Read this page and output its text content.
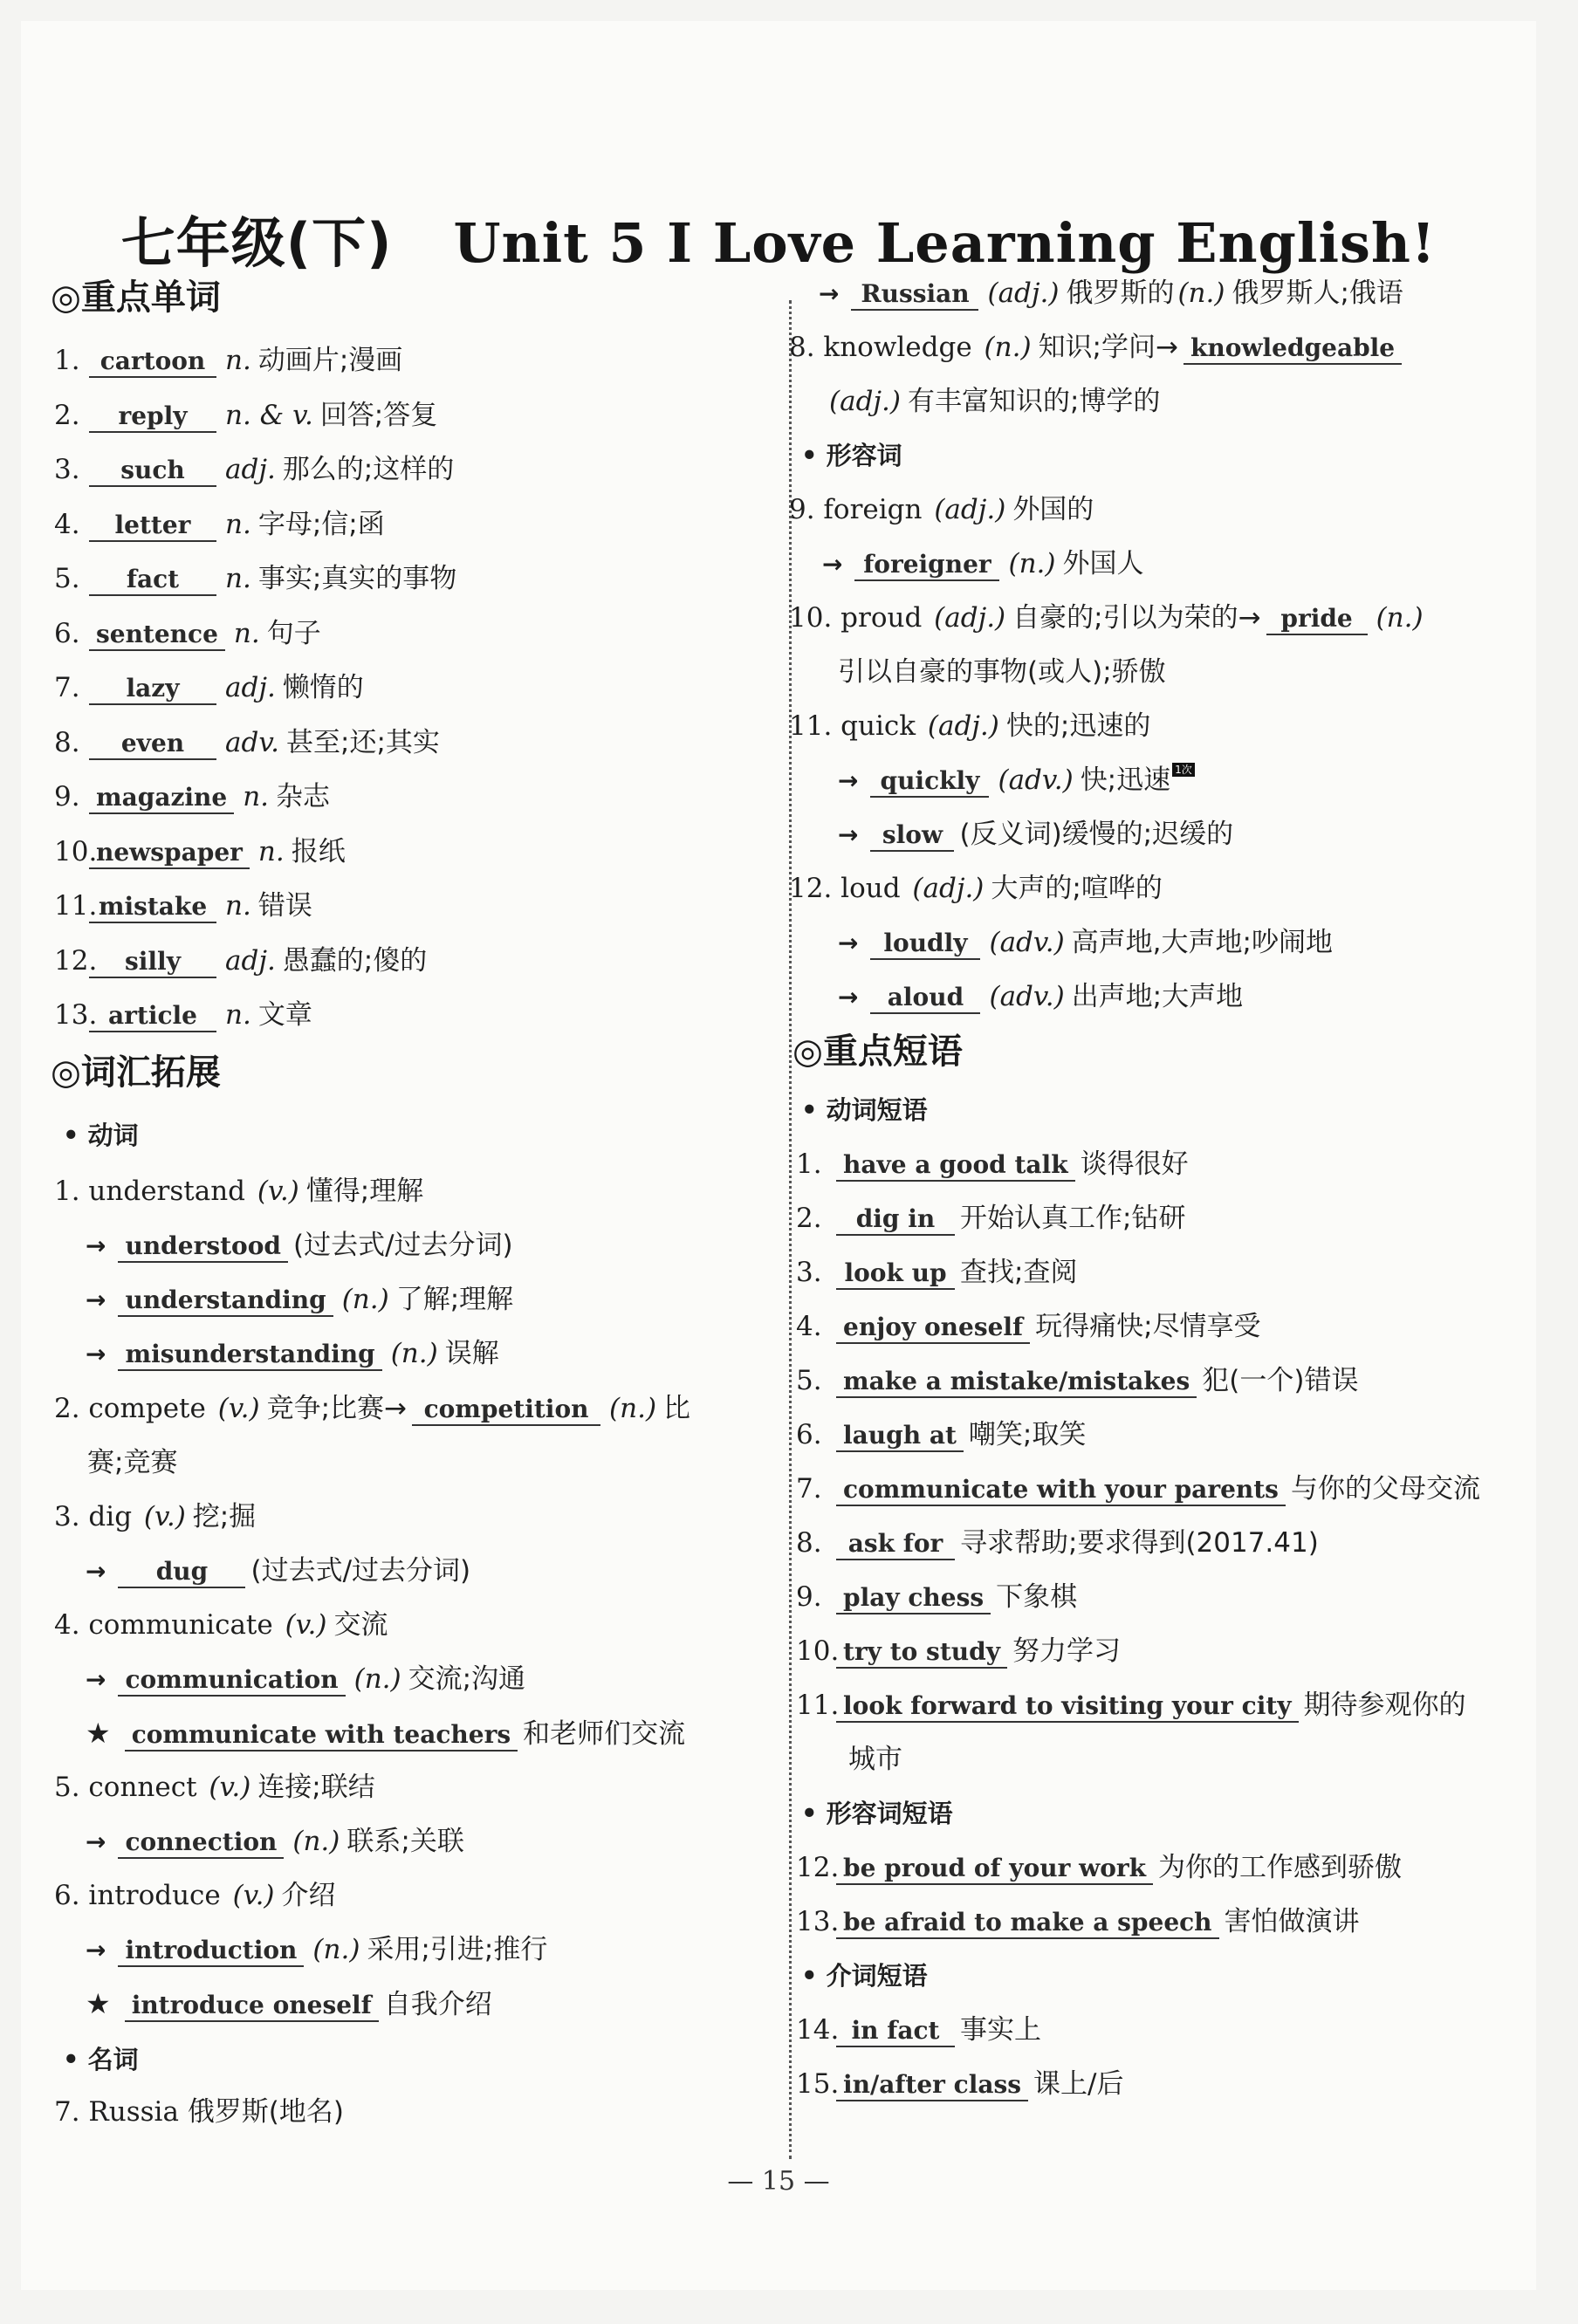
七年级(下) Unit 5 I Love Learning English!
— 15 —
◎重点单词
1. cartoon n. 动画片;漫画
2. reply n. & v. 回答;答复
3. such adj. 那么的;这样的
4. letter n. 字母;信;函
5. fact n. 事实;真实的事物
6. sentence n. 句子
7. lazy adj. 懒惰的
8. even adv. 甚至;还;其实
9. magazine n. 杂志
10.newspaper n. 报纸
11.mistake n. 错误
12. silly adj. 愚蠢的;傻的
13. article n. 文章
◎词汇拓展
• 动词
1. understand (v.) 懂得;理解
→ understood (过去式/过去分词)
→ understanding (n.) 了解;理解
→ misunderstanding (n.) 误解
2. compete (v.) 竞争;比赛→ competition (n.) 比
赛;竞赛
3. dig (v.) 挖;掘
→ dug (过去式/过去分词)
4. communicate (v.) 交流
→ communication (n.) 交流;沟通
★ communicate with teachers 和老师们交流
5. connect (v.) 连接;联结
→ connection (n.) 联系;关联
6. introduce (v.) 介绍
→ introduction (n.) 采用;引进;推行
★ introduce oneself 自我介绍
• 名词
7. Russia 俄罗斯(地名)
→ Russian (adj.) 俄罗斯的 (n.) 俄罗斯人;俄语
8. knowledge (n.) 知识;学问→ knowledgeable
(adj.) 有丰富知识的;博学的
• 形容词
9. foreign (adj.) 外国的
→ foreigner (n.) 外国人
10. proud (adj.) 自豪的;引以为荣的→ pride (n.)
引以自豪的事物(或人);骄傲
11. quick (adj.) 快的;迅速的
→ quickly (adv.) 快;迅速 1次
→ slow (反义词)缓慢的;迟缓的
12. loud (adj.) 大声的;喧哗的
→ loudly (adv.) 高声地,大声地;吵闹地
→ aloud (adv.) 出声地;大声地
◎重点短语
• 动词短语
1. have a good talk 谈得很好
2. dig in 开始认真工作;钻研
3. look up 查找;查阅
4. enjoy oneself 玩得痛快;尽情享受
5. make a mistake/mistakes 犯(一个)错误
6. laugh at 嘲笑;取笑
7. communicate with your parents 与你的父母交流
8. ask for 寻求帮助;要求得到(2017.41)
9. play chess 下象棋
10. try to study 努力学习
11. look forward to visiting your city 期待参观你的
城市
12. be proud of your work 为你的工作感到骄傲
13. be afraid to make a speech 害怕做演讲
14. in fact 事实上
15. in/after class 课上/后
• 形容词短语
• 介词短语
